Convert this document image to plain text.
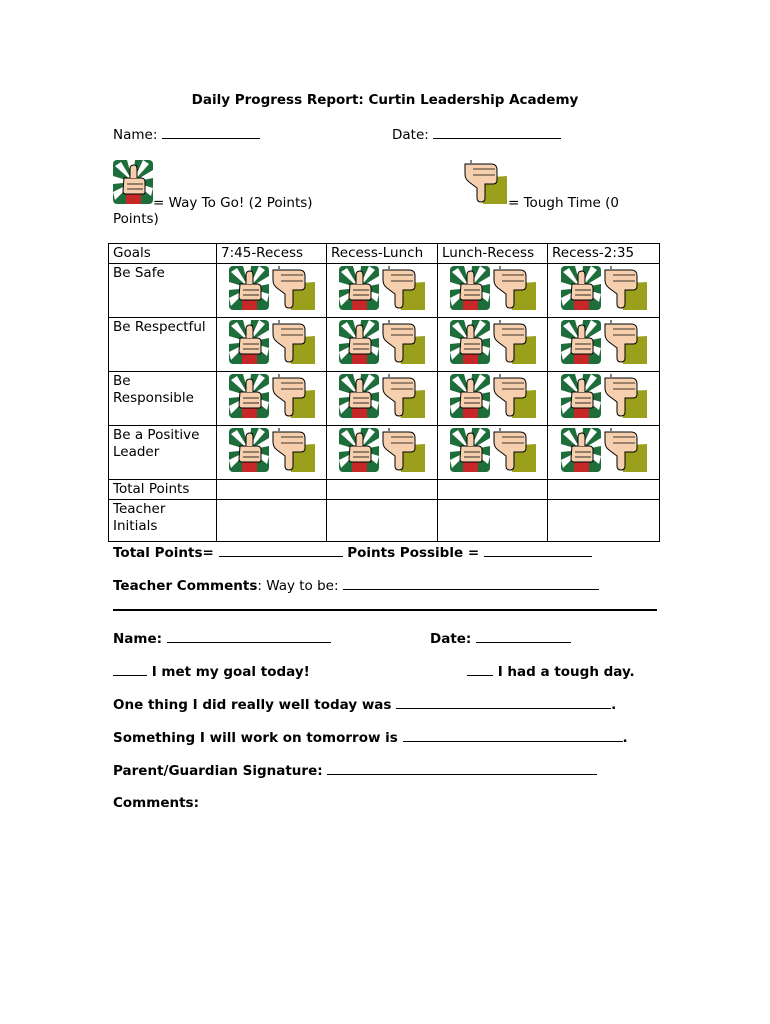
Daily Progress Report: Curtin Leadership Academy
Name:	Date:
= Way To Go! (2 Points)
Points)
= Tough Time (0
Goals	7:45-Recess	Recess-Lunch	Lunch-Recess	Recess-2:35
Be Safe	

Be Respectful	

Be Responsible	

Be a Positive Leader	

Total Points				
Teacher Initials				
Total Points=	Points Possible =
Teacher Comments: Way to be:
Name:	Date:
I met my goal today!	I had a tough day.
One thing I did really well today was	.
Something I will work on tomorrow is	.
Parent/Guardian Signature:
Comments:
